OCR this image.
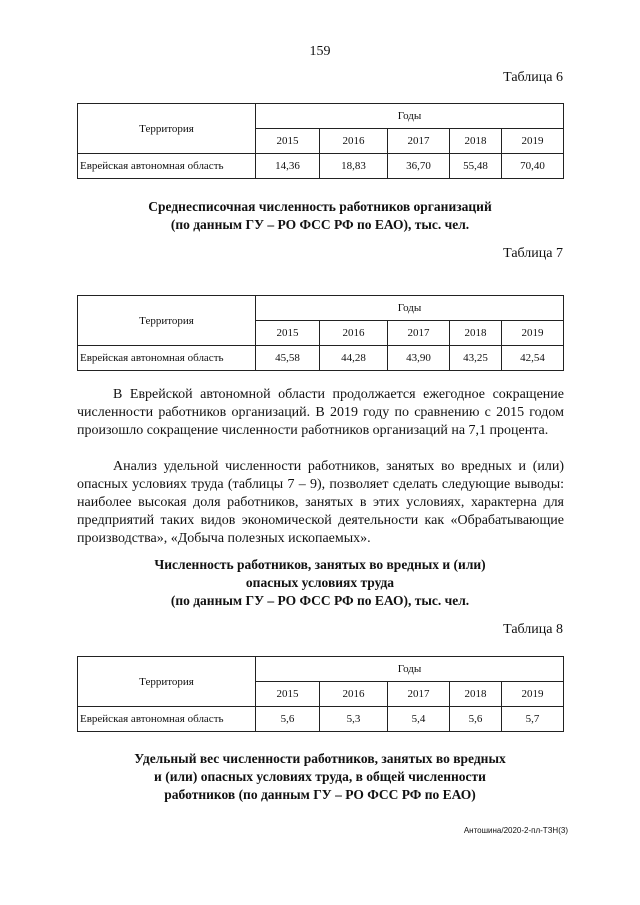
159
Таблица 6
Территория	Годы				
	2015	2016	2017	2018	2019
Еврейская автономная область	14,36	18,83	36,70	55,48	70,40
Среднесписочная численность работников организаций
(по данным ГУ – РО ФСС РФ по ЕАО), тыс. чел.
Таблица 7
Территория	Годы				
	2015	2016	2017	2018	2019
Еврейская автономная область	45,58	44,28	43,90	43,25	42,54

В Еврейской автономной области продолжается ежегодное сокращение численности работников организаций. В 2019 году по сравнению с 2015 годом произошло сокращение численности работников организаций на 7,1 процента.

Анализ удельной численности работников, занятых во вредных и (или) опасных условиях труда (таблицы 7 – 9), позволяет сделать следующие выводы: наиболее высокая доля работников, занятых в этих условиях, характерна для предприятий таких видов экономической деятельности как «Обрабатывающие производства», «Добыча полезных ископаемых».

Численность работников, занятых во вредных и (или)
опасных условиях труда
(по данным ГУ – РО ФСС РФ по ЕАО), тыс. чел.
Таблица 8
Территория	Годы				
	2015	2016	2017	2018	2019
Еврейская автономная область	5,6	5,3	5,4	5,6	5,7
Удельный вес численности работников, занятых во вредных
и (или) опасных условиях труда, в общей численности
работников (по данным ГУ – РО ФСС РФ по ЕАО)
Антошина/2020-2-пл-ТЗН(3)
